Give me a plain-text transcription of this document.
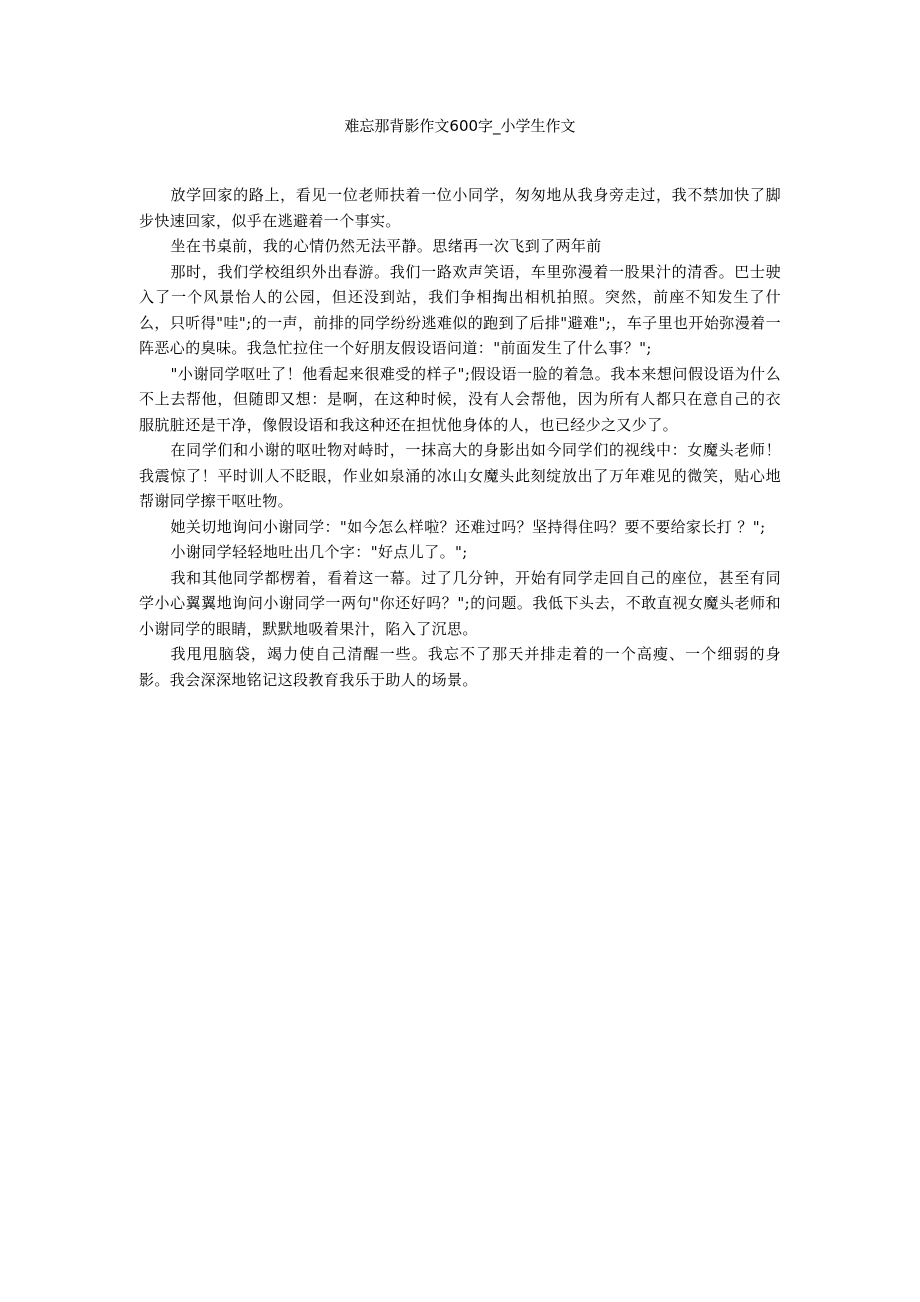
难忘那背影作文600字_小学生作文

放学回家的路上，看见一位老师扶着一位小同学，匆匆地从我身旁走过，我不禁加快了脚步快速回家，似乎在逃避着一个事实。

坐在书桌前，我的心情仍然无法平静。思绪再一次飞到了两年前

那时，我们学校组织外出春游。我们一路欢声笑语，车里弥漫着一股果汁的清香。巴士驶入了一个风景怡人的公园，但还没到站，我们争相掏出相机拍照。突然，前座不知发生了什么，只听得"哇";的一声，前排的同学纷纷逃难似的跑到了后排"避难";，车子里也开始弥漫着一阵恶心的臭味。我急忙拉住一个好朋友假设语问道："前面发生了什么事？";

"小谢同学呕吐了！他看起来很难受的样子";假设语一脸的着急。我本来想问假设语为什么不上去帮他，但随即又想：是啊，在这种时候，没有人会帮他，因为所有人都只在意自己的衣服肮脏还是干净，像假设语和我这种还在担忧他身体的人，也已经少之又少了。

在同学们和小谢的呕吐物对峙时，一抹高大的身影出如今同学们的视线中：女魔头老师！我震惊了！平时训人不眨眼，作业如泉涌的冰山女魔头此刻绽放出了万年难见的微笑，贴心地帮谢同学擦干呕吐物。

她关切地询问小谢同学："如今怎么样啦？还难过吗？坚持得住吗？要不要给家长打 ？";

小谢同学轻轻地吐出几个字："好点儿了。";

我和其他同学都楞着，看着这一幕。过了几分钟，开始有同学走回自己的座位，甚至有同学小心翼翼地询问小谢同学一两句"你还好吗？";的问题。我低下头去，不敢直视女魔头老师和小谢同学的眼睛，默默地吸着果汁，陷入了沉思。

我甩甩脑袋，竭力使自己清醒一些。我忘不了那天并排走着的一个高瘦、一个细弱的身影。我会深深地铭记这段教育我乐于助人的场景。
